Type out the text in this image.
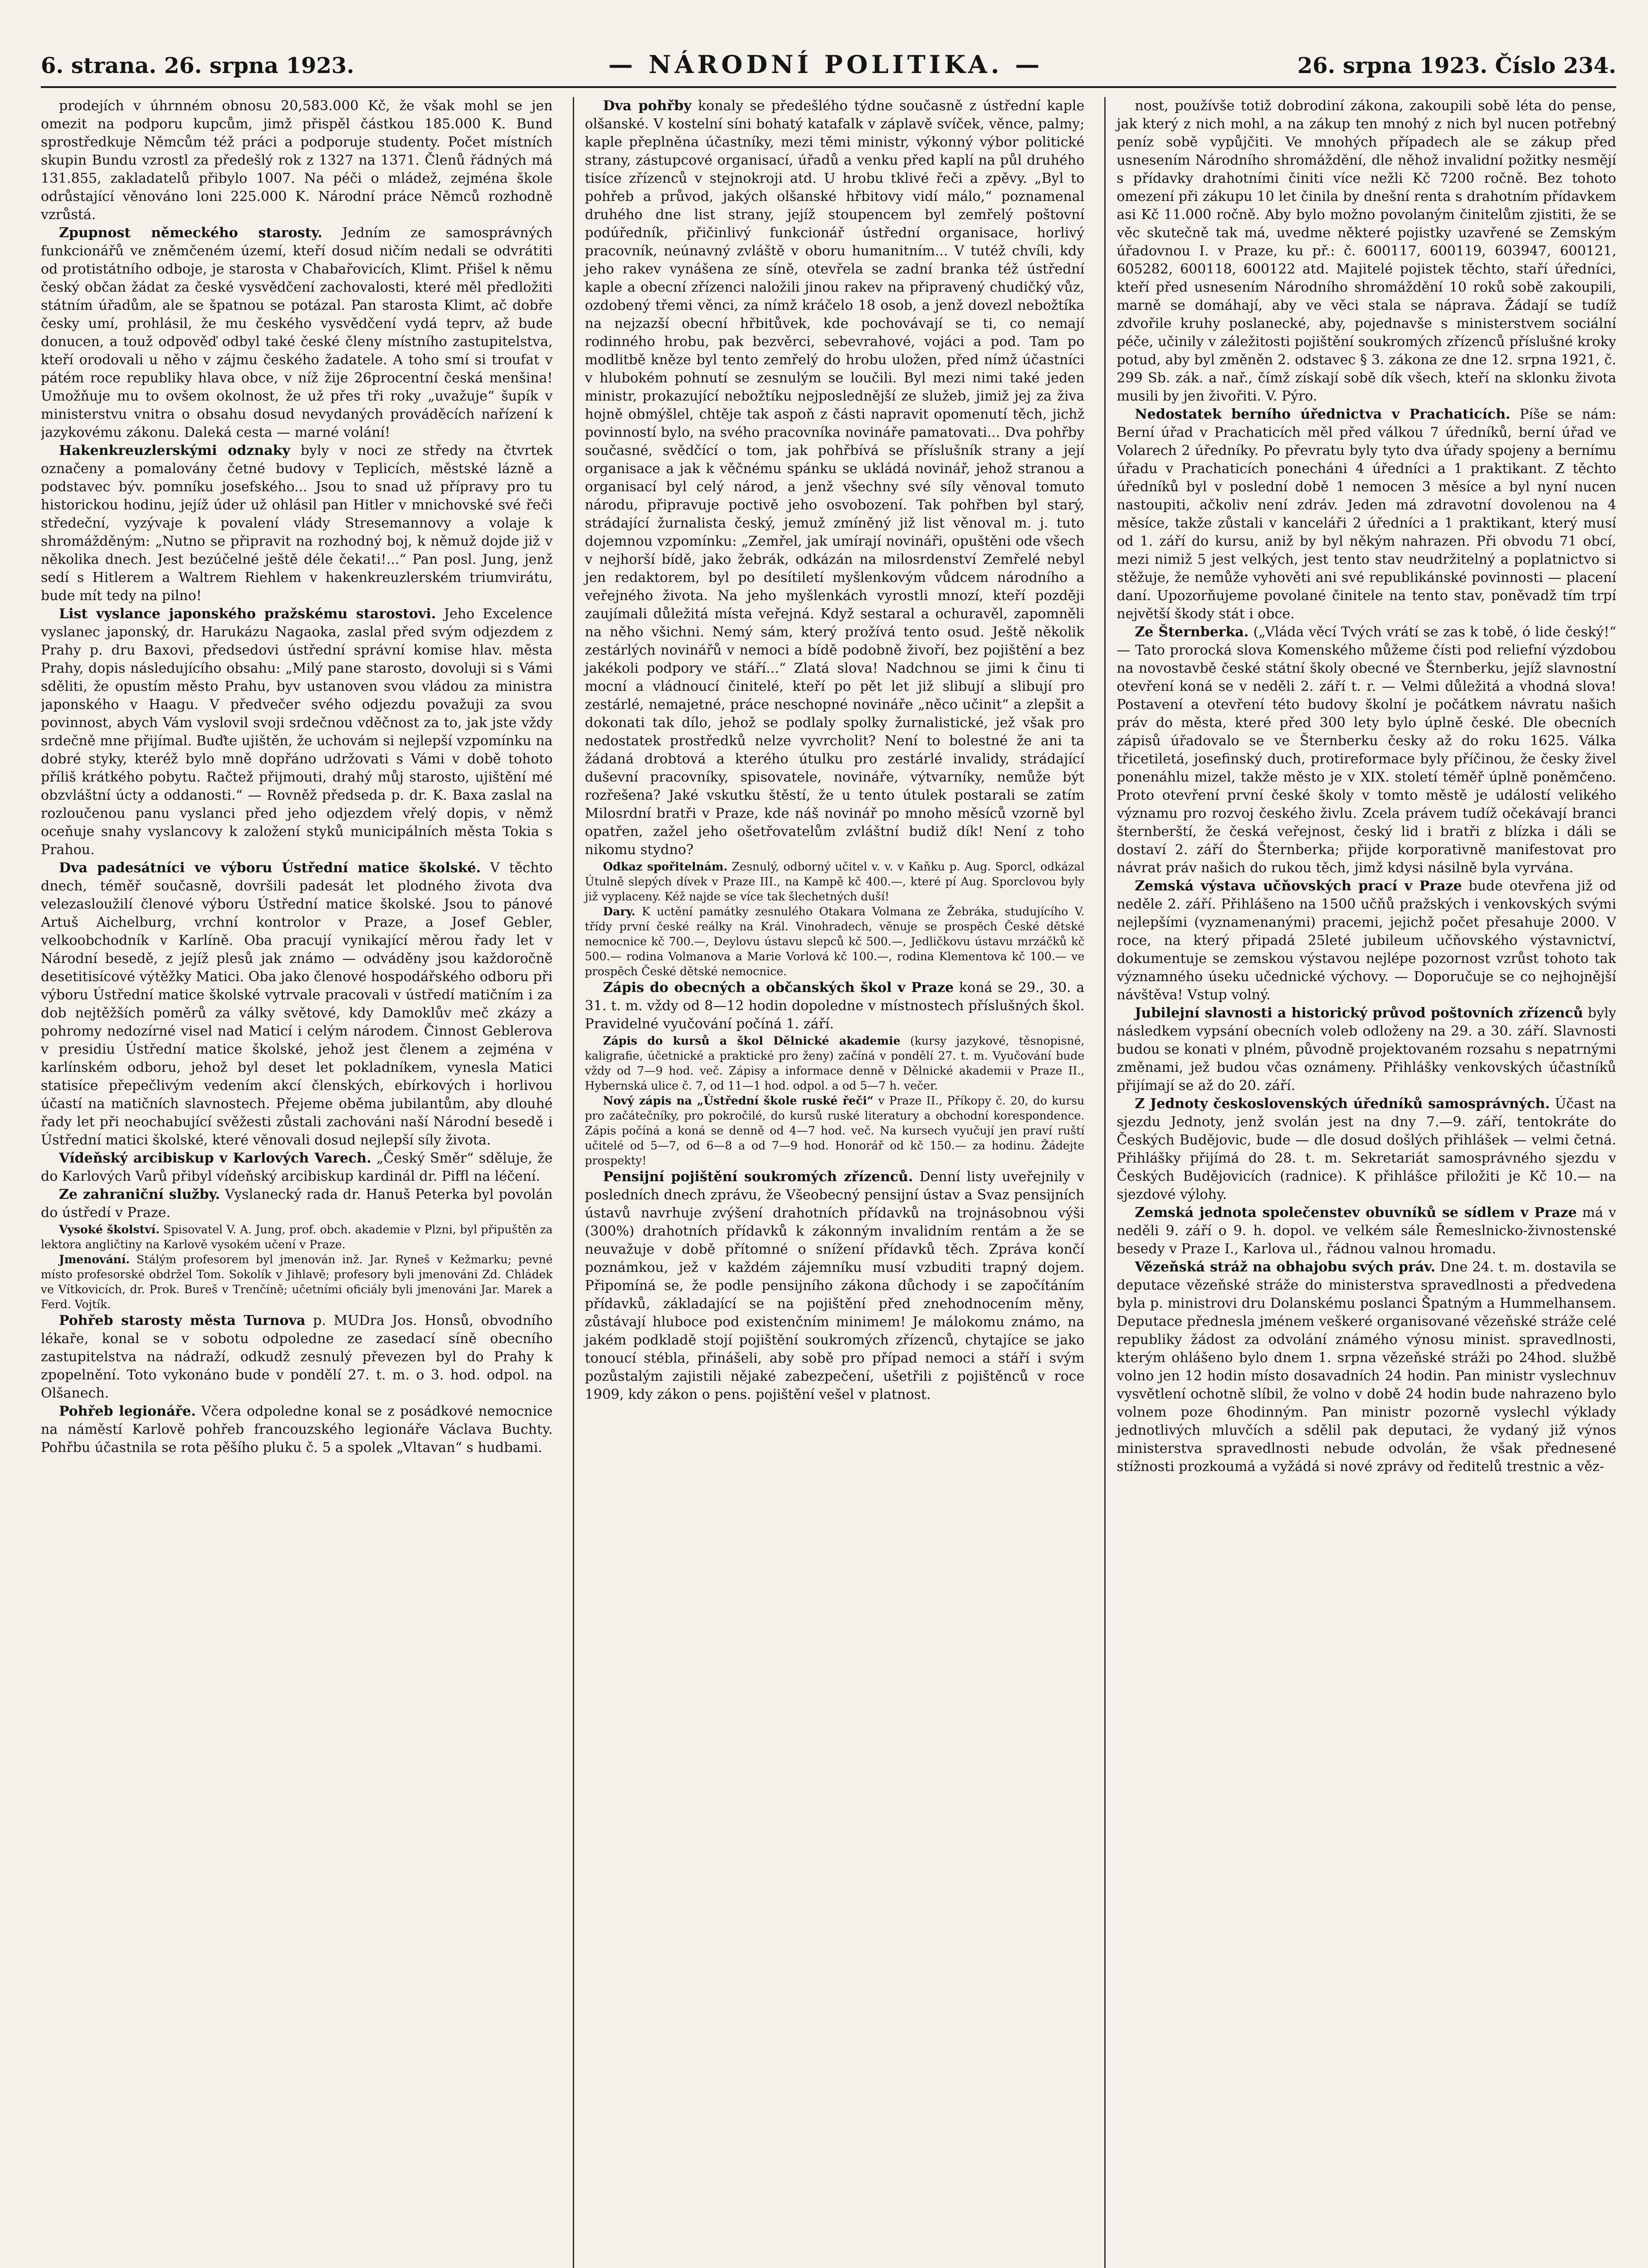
6. strana. 26. srpna 1923.	— NÁRODNÍ POLITIKA. —	26. srpna 1923. Číslo 234.

prodejích v úhrnném obnosu 20,583.000 Kč, že však mohl se jen omezit na podporu kupcům, jimž přispěl částkou 185.000 K. Bund sprostředkuje Němcům též práci a podporuje studenty. Počet místních skupin Bundu vzrostl za předešlý rok z 1327 na 1371. Členů řádných má 131.855, zakladatelů přibylo 1007. Na péči o mládež, zejména škole odrůstající věnováno loni 225.000 K. Národní práce Němců rozhodně vzrůstá.

Zpupnost německého starosty. Jedním ze samosprávných funkcionářů ve zněmčeném území, kteří dosud ničím nedali se odvrátiti od protistátního odboje, je starosta v Chabařovicích, Klimt. Přišel k němu český občan žádat za české vysvědčení zachovalosti, které měl předložiti státním úřadům, ale se špatnou se potázal. Pan starosta Klimt, ač dobře česky umí, prohlásil, že mu českého vysvědčení vydá teprv, až bude donucen, a touž odpověď odbyl také české členy místního zastupitelstva, kteří orodovali u něho v zájmu českého žadatele. A toho smí si troufat v pátém roce republiky hlava obce, v níž žije 26procentní česká menšina! Umožňuje mu to ovšem okolnost, že už přes tři roky „uvažuje“ šupík v ministerstvu vnitra o obsahu dosud nevydaných prováděcích nařízení k jazykovému zákonu. Daleká cesta — marné volání!

Hakenkreuzlerskými odznaky byly v noci ze středy na čtvrtek označeny a pomalovány četné budovy v Teplicích, městské lázně a podstavec býv. pomníku josefského... Jsou to snad už přípravy pro tu historickou hodinu, jejíž úder už ohlásil pan Hitler v mnichovské své řeči středeční, vyzývaje k povalení vlády Stresemannovy a volaje k shromážděným: „Nutno se připravit na rozhodný boj, k němuž dojde již v několika dnech. Jest bezúčelné ještě déle čekati!...“ Pan posl. Jung, jenž sedí s Hitlerem a Waltrem Riehlem v hakenkreuzlerském triumvirátu, bude mít tedy na pilno!

List vyslance japonského pražskému starostovi. Jeho Excelence vyslanec japonský, dr. Harukázu Nagaoka, zaslal před svým odjezdem z Prahy p. dru Baxovi, předsedovi ústřední správní komise hlav. města Prahy, dopis následujícího obsahu: „Milý pane starosto, dovoluji si s Vámi sděliti, že opustím město Prahu, byv ustanoven svou vládou za ministra japonského v Haagu. V předvečer svého odjezdu považuji za svou povinnost, abych Vám vyslovil svoji srdečnou vděčnost za to, jak jste vždy srdečně mne přijímal. Buďte ujištěn, že uchovám si nejlepší vzpomínku na dobré styky, kteréž bylo mně dopřáno udržovati s Vámi v době tohoto příliš krátkého pobytu. Račtež přijmouti, drahý můj starosto, ujištění mé obzvláštní úcty a oddanosti.“ — Rovněž předseda p. dr. K. Baxa zaslal na rozloučenou panu vyslanci před jeho odjezdem vřelý dopis, v němž oceňuje snahy vyslancovy k založení styků municipálních města Tokia s Prahou.

Dva padesátníci ve výboru Ústřední matice školské. V těchto dnech, téměř současně, dovršili padesát let plodného života dva velezasloužilí členové výboru Ústřední matice školské. Jsou to pánové Artuš Aichelburg, vrchní kontrolor v Praze, a Josef Gebler, velkoobchodník v Karlíně. Oba pracují vynikající měrou řady let v Národní besedě, z jejíž plesů jak známo — odváděny jsou každoročně desetitisícové výtěžky Matici. Oba jako členové hospodářského odboru při výboru Ústřední matice školské vytrvale pracovali v ústředí matičním i za dob nejtěžších poměrů za války světové, kdy Damoklův meč zkázy a pohromy nedozírné visel nad Maticí i celým národem. Činnost Geblerova v presidiu Ústřední matice školské, jehož jest členem a zejména v karlínském odboru, jehož byl deset let pokladníkem, vynesla Matici statisíce přepečlivým vedením akcí členských, ebírkových i horlivou účastí na matičních slavnostech. Přejeme oběma jubilantům, aby dlouhé řady let při neochabující svěžesti zůstali zachováni naší Národní besedě i Ústřední matici školské, které věnovali dosud nejlepší síly života.

Vídeňský arcibiskup v Karlových Varech. „Český Směr“ sděluje, že do Karlových Varů přibyl vídeňský arcibiskup kardinál dr. Piffl na léčení.

Ze zahraniční služby. Vyslanecký rada dr. Hanuš Peterka byl povolán do ústředí v Praze.

Vysoké školství. Spisovatel V. A. Jung, prof. obch. akademie v Plzni, byl připuštěn za lektora angličtiny na Karlově vysokém učení v Praze.

Jmenování. Stálým profesorem byl jmenován inž. Jar. Ryneš v Kežmarku; pevné místo profesorské obdržel Tom. Sokolík v Jihlavě; profesory byli jmenováni Zd. Chládek ve Vítkovicích, dr. Prok. Bureš v Trenčíně; učetními oficiály byli jmenováni Jar. Marek a Ferd. Vojtík.

Pohřeb starosty města Turnova p. MUDra Jos. Honsů, obvodního lékaře, konal se v sobotu odpoledne ze zasedací síně obecního zastupitelstva na nádraží, odkudž zesnulý převezen byl do Prahy k zpopelnění. Toto vykonáno bude v pondělí 27. t. m. o 3. hod. odpol. na Olšanech.

Pohřeb legionáře. Včera odpoledne konal se z posádkové nemocnice na náměstí Karlově pohřeb francouzského legionáře Václava Buchty. Pohřbu účastnila se rota pěšího pluku č. 5 a spolek „Vltavan“ s hudbami.

Dva pohřby konaly se předešlého týdne současně z ústřední kaple olšanské. V kostelní síni bohatý katafalk v záplavě svíček, věnce, palmy; kaple přeplněna účastníky, mezi těmi ministr, výkonný výbor politické strany, zástupcové organisací, úřadů a venku před kaplí na půl druhého tisíce zřízenců v stejnokroji atd. U hrobu tklivé řeči a zpěvy. „Byl to pohřeb a průvod, jakých olšanské hřbitovy vidí málo,“ poznamenal druhého dne list strany, jejíž stoupencem byl zemřelý poštovní podúředník, přičinlivý funkcionář ústřední organisace, horlivý pracovník, neúnavný zvláště v oboru humanitním... V tutéž chvíli, kdy jeho rakev vynášena ze síně, otevřela se zadní branka též ústřední kaple a obecní zřízenci naložili jinou rakev na připravený chudičký vůz, ozdobený třemi věnci, za nímž kráčelo 18 osob, a jenž dovezl nebožtíka na nejzazší obecní hřbitůvek, kde pochovávají se ti, co nemají rodinného hrobu, pak bezvěrci, sebevrahové, vojáci a pod. Tam po modlitbě kněze byl tento zemřelý do hrobu uložen, před nímž účastníci v hlubokém pohnutí se zesnulým se loučili. Byl mezi nimi také jeden ministr, prokazující nebožtíku nejposlednější ze služeb, jimiž jej za živa hojně obmýšlel, chtěje tak aspoň z části napravit opomenutí těch, jichž povinností bylo, na svého pracovníka novináře pamatovati... Dva pohřby současné, svědčící o tom, jak pohřbívá se příslušník strany a její organisace a jak k věčnému spánku se ukládá novinář, jehož stranou a organisací byl celý národ, a jenž všechny své síly věnoval tomuto národu, připravuje poctivě jeho osvobození. Tak pohřben byl starý, strádající žurnalista český, jemuž zmíněný již list věnoval m. j. tuto dojemnou vzpomínku: „Zemřel, jak umírají novináři, opuštěni ode všech v nejhorší bídě, jako žebrák, odkázán na milosrdenství Zemřelé nebyl jen redaktorem, byl po desítiletí myšlenkovým vůdcem národního a veřejného života. Na jeho myšlenkách vyrostli mnozí, kteří později zaujímali důležitá místa veřejná. Když sestaral a ochuravěl, zapomněli na něho všichni. Nemý sám, který prožívá tento osud. Ještě několik zestárlých novinářů v nemoci a bídě podobně živoří, bez pojištění a bez jakékoli podpory ve stáří...“ Zlatá slova! Nadchnou se jimi k činu ti mocní a vládnoucí činitelé, kteří po pět let již slibují a slibují pro zestárlé, nemajetné, práce neschopné novináře „něco učinit“ a zlepšit a dokonati tak dílo, jehož se podlaly spolky žurnalistické, jež však pro nedostatek prostředků nelze vyvrcholit? Není to bolestné že ani ta žádaná drobtová a kterého útulku pro zestárlé invalidy, strádající duševní pracovníky, spisovatele, novináře, výtvarníky, nemůže být rozřešena? Jaké vskutku štěstí, že u tento útulek postarali se zatím Milosrdní bratři v Praze, kde náš novinář po mnoho měsíců vzorně byl opatřen, zažel jeho ošetřovatelům zvláštní budiž dík! Není z toho nikomu stydno?

Odkaz spořitelnám. Zesnulý, odborný učitel v. v. v Kaňku p. Aug. Sporcl, odkázal Útulně slepých dívek v Praze III., na Kampě kč 400.—, které pí Aug. Sporclovou byly již vyplaceny. Kéž najde se více tak šlechetných duší!

Dary. K uctění památky zesnulého Otakara Volmana ze Žebráka, studujícího V. třídy první české reálky na Král. Vinohradech, věnuje se prospěch České dětské nemocnice kč 700.—, Deylovu ústavu slepců kč 500.—, Jedličkovu ústavu mrzáčků kč 500.— rodina Volmanova a Marie Vorlová kč 100.—, rodina Klementova kč 100.— ve prospěch České dětské nemocnice.

Zápis do obecných a občanských škol v Praze koná se 29., 30. a 31. t. m. vždy od 8—12 hodin dopoledne v místnostech příslušných škol. Pravidelné vyučování počíná 1. září.

Zápis do kursů a škol Dělnické akademie (kursy jazykové, těsnopisné, kaligrafie, účetnické a praktické pro ženy) začíná v pondělí 27. t. m. Vyučování bude vždy od 7—9 hod. več. Zápisy a informace denně v Dělnické akademii v Praze II., Hybernská ulice č. 7, od 11—1 hod. odpol. a od 5—7 h. večer.

Nový zápis na „Ústřední škole ruské řeči“ v Praze II., Příkopy č. 20, do kursu pro začátečníky, pro pokročilé, do kursů ruské literatury a obchodní korespondence. Zápis počíná a koná se denně od 4—7 hod. več. Na kursech vyučují jen praví ruští učitelé od 5—7, od 6—8 a od 7—9 hod. Honorář od kč 150.— za hodinu. Žádejte prospekty!

Pensijní pojištění soukromých zřízenců. Denní listy uveřejnily v posledních dnech zprávu, že Všeobecný pensijní ústav a Svaz pensijních ústavů navrhuje zvýšení drahotních přídavků na trojnásobnou výši (300%) drahotních přídavků k zákonným invalidním rentám a že se neuvažuje v době přítomné o snížení přídavků těch. Zpráva končí poznámkou, jež v každém zájemníku musí vzbuditi trapný dojem. Připomíná se, že podle pensijního zákona důchody i se započítáním přídavků, základající se na pojištění před znehodnocením měny, zůstávají hluboce pod existenčním minimem! Je málokomu známo, na jakém podkladě stojí pojištění soukromých zřízenců, chytajíce se jako tonoucí stébla, přinášeli, aby sobě pro případ nemoci a stáří i svým pozůstalým zajistili nějaké zabezpečení, ušetřili z pojištěnců v roce 1909, kdy zákon o pens. pojištění vešel v platnost.

nost, používše totiž dobrodiní zákona, zakoupili sobě léta do pense, jak který z nich mohl, a na zákup ten mnohý z nich byl nucen potřebný peníz sobě vypůjčiti. Ve mnohých případech ale se zákup před usnesením Národního shromáždění, dle něhož invalidní požitky nesmějí s přídavky drahotními činiti více nežli Kč 7200 ročně. Bez tohoto omezení při zákupu 10 let činila by dnešní renta s drahotním přídavkem asi Kč 11.000 ročně. Aby bylo možno povolaným činitelům zjistiti, že se věc skutečně tak má, uvedme některé pojistky uzavřené se Zemským úřadovnou I. v Praze, ku př.: č. 600117, 600119, 603947, 600121, 605282, 600118, 600122 atd. Majitelé pojistek těchto, staří úředníci, kteří před usnesením Národního shromáždění 10 roků sobě zakoupili, marně se domáhají, aby ve věci stala se náprava. Žádají se tudíž zdvořile kruhy poslanecké, aby, pojednavše s ministerstvem sociální péče, učinily v záležitosti pojištění soukromých zřízenců příslušné kroky potud, aby byl změněn 2. odstavec § 3. zákona ze dne 12. srpna 1921, č. 299 Sb. zák. a nař., čímž získají sobě dík všech, kteří na sklonku života musili by jen živořiti. V. Pýro.

Nedostatek berního úřednictva v Prachaticích. Píše se nám: Berní úřad v Prachaticích měl před válkou 7 úředníků, berní úřad ve Volarech 2 úředníky. Po převratu byly tyto dva úřady spojeny a bernímu úřadu v Prachaticích ponecháni 4 úředníci a 1 praktikant. Z těchto úředníků byl v poslední době 1 nemocen 3 měsíce a byl nyní nucen nastoupiti, ačkoliv není zdráv. Jeden má zdravotní dovolenou na 4 měsíce, takže zůstali v kanceláři 2 úředníci a 1 praktikant, který musí od 1. září do kursu, aniž by byl někým nahrazen. Při obvodu 71 obcí, mezi nimiž 5 jest velkých, jest tento stav neudržitelný a poplatnictvo si stěžuje, že nemůže vyhověti ani své republikánské povinnosti — placení daní. Upozorňujeme povolané činitele na tento stav, poněvadž tím trpí největší škody stát i obce.

Ze Šternberka. („Vláda věcí Tvých vrátí se zas k tobě, ó lide český!“ — Tato prorocká slova Komenského můžeme čísti pod reliefní výzdobou na novostavbě české státní školy obecné ve Šternberku, jejíž slavnostní otevření koná se v neděli 2. září t. r. — Velmi důležitá a vhodná slova! Postavení a otevření této budovy školní je počátkem návratu našich práv do města, které před 300 lety bylo úplně české. Dle obecních zápisů úřadovalo se ve Šternberku česky až do roku 1625. Válka třicetiletá, josefinský duch, protireformace byly příčinou, že česky živel ponenáhlu mizel, takže město je v XIX. století téměř úplně poněmčeno. Proto otevření první české školy v tomto městě je událostí velikého významu pro rozvoj českého živlu. Zcela právem tudíž očekávají branci šternberští, že česká veřejnost, český lid i bratři z blízka i dáli se dostaví 2. září do Šternberka; přijde korporativně manifestovat pro návrat práv našich do rukou těch, jimž kdysi násilně byla vyrvána.

Zemská výstava učňovských prací v Praze bude otevřena již od neděle 2. září. Přihlášeno na 1500 učňů pražských i venkovských svými nejlepšími (vyznamenanými) pracemi, jejichž počet přesahuje 2000. V roce, na který připadá 25leté jubileum učňovského výstavnictví, dokumentuje se zemskou výstavou nejlépe pozornost vzrůst tohoto tak významného úseku učednické výchovy. — Doporučuje se co nejhojnější návštěva! Vstup volný.

Jubilejní slavnosti a historický průvod poštovních zřízenců byly následkem vypsání obecních voleb odloženy na 29. a 30. září. Slavnosti budou se konati v plném, původně projektovaném rozsahu s nepatrnými změnami, jež budou včas oznámeny. Přihlášky venkovských účastníků přijímají se až do 20. září.

Z Jednoty československých úředníků samosprávných. Účast na sjezdu Jednoty, jenž svolán jest na dny 7.—9. září, tentokráte do Českých Budějovic, bude — dle dosud došlých přihlášek — velmi četná. Přihlášky přijímá do 28. t. m. Sekretariát samosprávného sjezdu v Českých Budějovicích (radnice). K přihlášce přiložiti je Kč 10.— na sjezdové výlohy.

Zemská jednota společenstev obuvníků se sídlem v Praze má v neděli 9. září o 9. h. dopol. ve velkém sále Řemeslnicko-živnostenské besedy v Praze I., Karlova ul., řádnou valnou hromadu.

Vězeňská stráž na obhajobu svých práv. Dne 24. t. m. dostavila se deputace vězeňské stráže do ministerstva spravedlnosti a předvedena byla p. ministrovi dru Dolanskému poslanci Špatným a Hummelhansem. Deputace přednesla jménem veškeré organisované vězeňské stráže celé republiky žádost za odvolání známého výnosu minist. spravedlnosti, kterým ohlášeno bylo dnem 1. srpna vězeňské stráži po 24hod. službě volno jen 12 hodin místo dosavadních 24 hodin. Pan ministr vyslechnuv vysvětlení ochotně slíbil, že volno v době 24 hodin bude nahrazeno bylo volnem poze 6hodinným. Pan ministr pozorně vyslechl výklady jednotlivých mluvčích a sdělil pak deputaci, že vydaný již výnos ministerstva spravedlnosti nebude odvolán, že však přednesené stížnosti prozkoumá a vyžádá si nové zprávy od ředitelů trestnic a věz-
